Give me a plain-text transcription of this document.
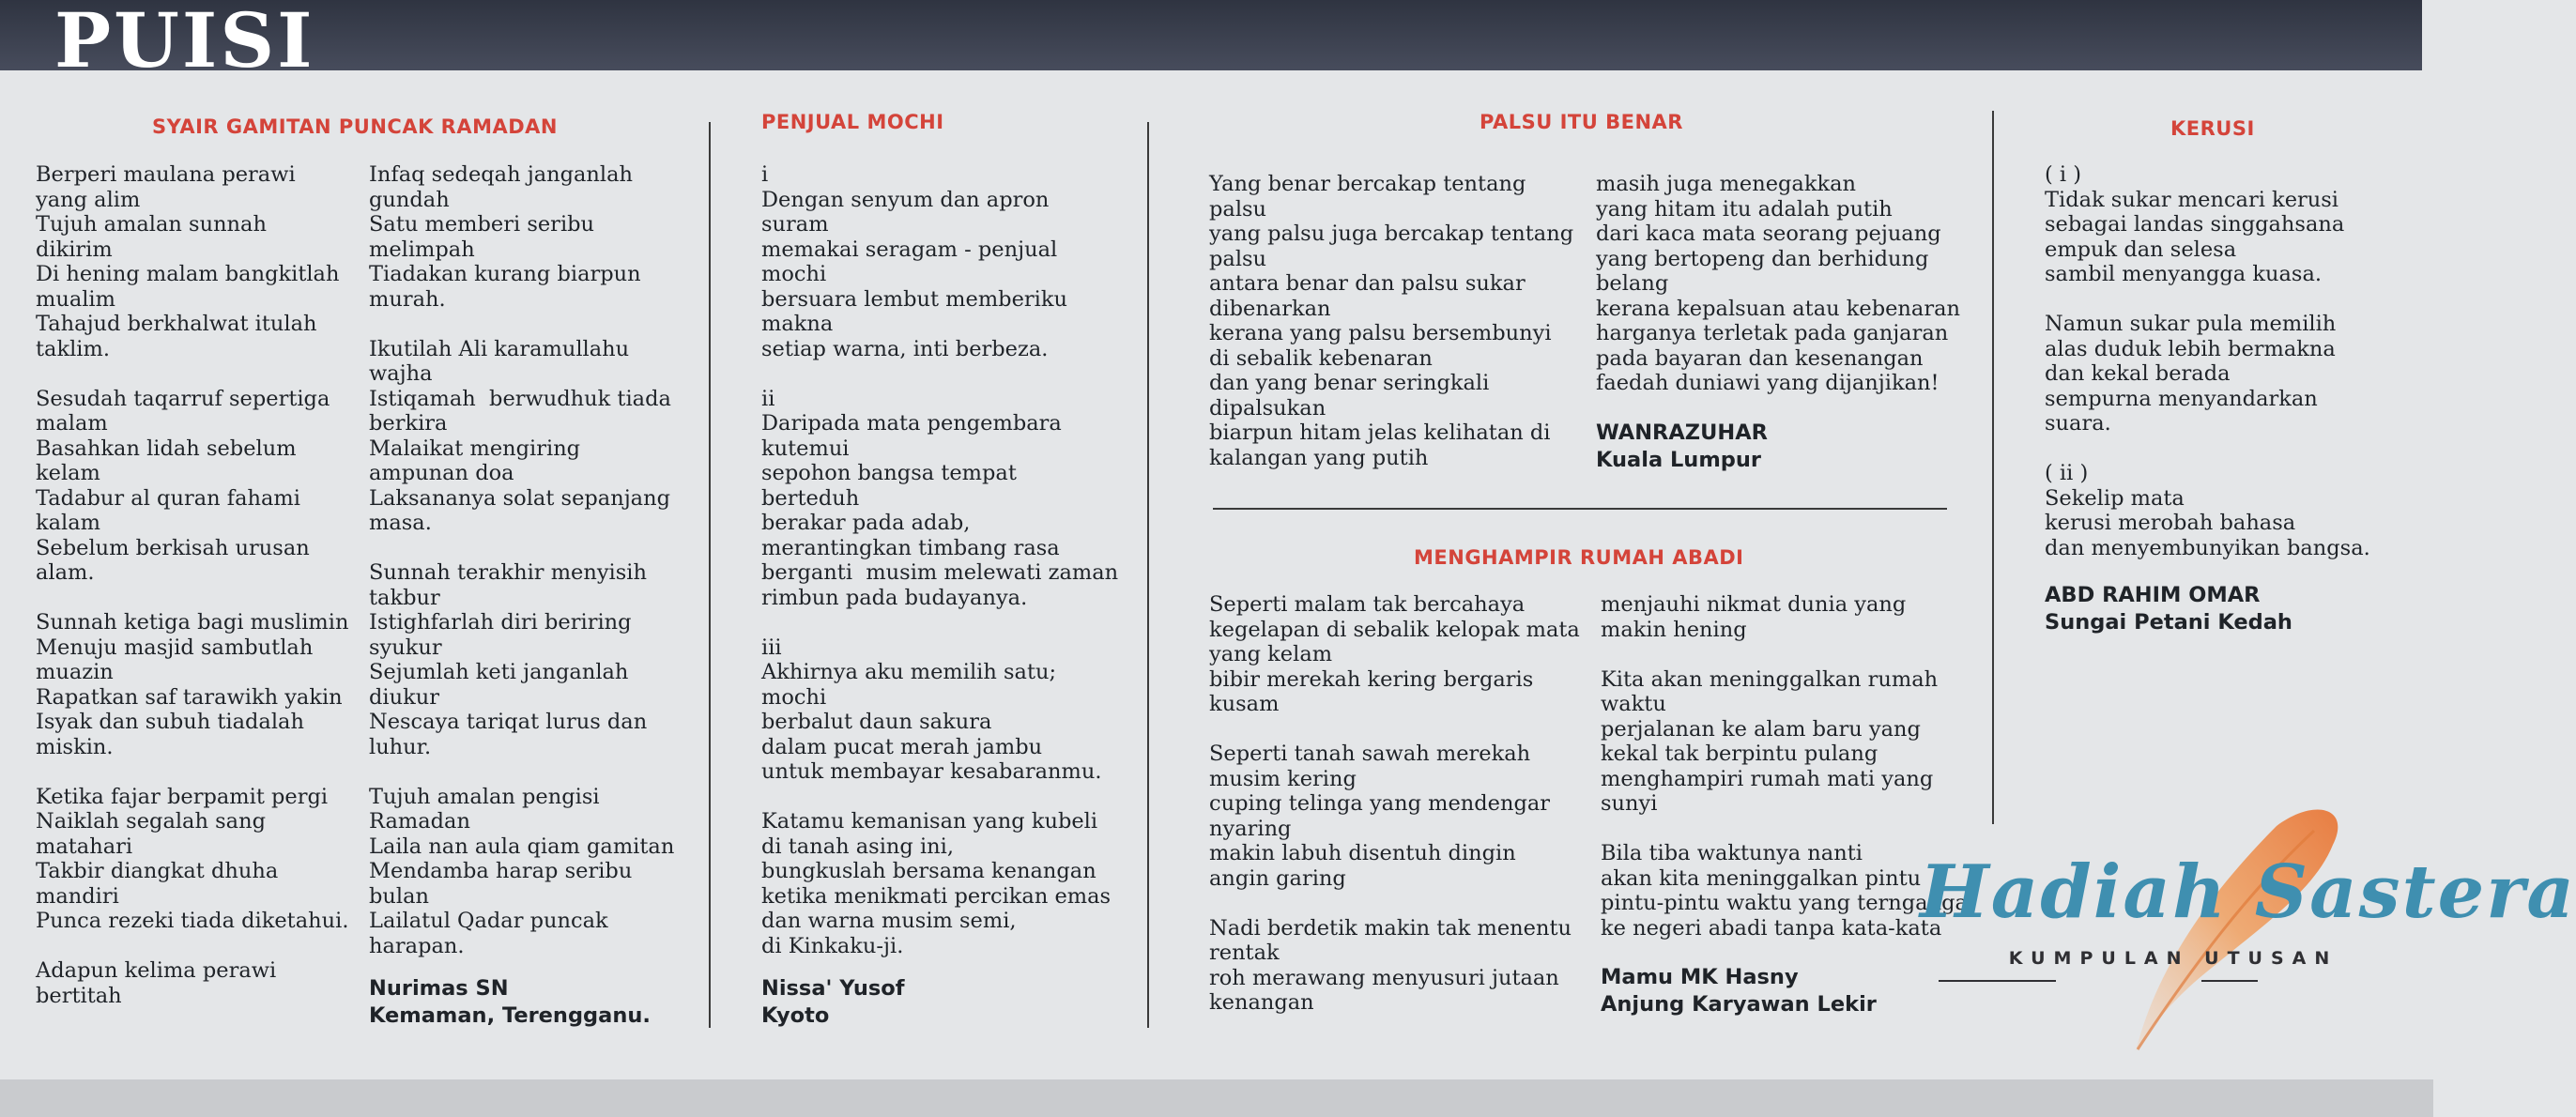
PUISI
SYAIR GAMITAN PUNCAK RAMADAN
Berperi maulana perawi
yang alim
Tujuh amalan sunnah
dikirim
Di hening malam bangkitlah
mualim
Tahajud berkhalwat itulah
taklim.

Sesudah taqarruf sepertiga
malam
Basahkan lidah sebelum
kelam
Tadabur al quran fahami
kalam
Sebelum berkisah urusan
alam.

Sunnah ketiga bagi muslimin
Menuju masjid sambutlah
muazin
Rapatkan saf tarawikh yakin
Isyak dan subuh tiadalah
miskin.

Ketika fajar berpamit pergi
Naiklah segalah sang
matahari
Takbir diangkat dhuha
mandiri
Punca rezeki tiada diketahui.

Adapun kelima perawi
bertitah
Infaq sedeqah janganlah
gundah
Satu memberi seribu
melimpah
Tiadakan kurang biarpun
murah.

Ikutilah Ali karamullahu
wajha
Istiqamah  berwudhuk tiada
berkira
Malaikat mengiring
ampunan doa
Laksananya solat sepanjang
masa.

Sunnah terakhir menyisih
takbur
Istighfarlah diri beriring
syukur
Sejumlah keti janganlah
diukur
Nescaya tariqat lurus dan
luhur.

Tujuh amalan pengisi
Ramadan
Laila nan aula qiam gamitan
Mendamba harap seribu
bulan
Lailatul Qadar puncak
harapan.
Nurimas SN
Kemaman, Terengganu.
PENJUAL MOCHI
i
Dengan senyum dan apron
suram
memakai seragam - penjual
mochi
bersuara lembut memberiku
makna
setiap warna, inti berbeza.

ii
Daripada mata pengembara
kutemui
sepohon bangsa tempat
berteduh
berakar pada adab,
merantingkan timbang rasa
berganti  musim melewati zaman
rimbun pada budayanya.

iii
Akhirnya aku memilih satu;
mochi
berbalut daun sakura
dalam pucat merah jambu
untuk membayar kesabaranmu.

Katamu kemanisan yang kubeli
di tanah asing ini,
bungkuslah bersama kenangan
ketika menikmati percikan emas
dan warna musim semi,
di Kinkaku-ji.
Nissa' Yusof
Kyoto
PALSU ITU BENAR
Yang benar bercakap tentang
palsu
yang palsu juga bercakap tentang
palsu
antara benar dan palsu sukar
dibenarkan
kerana yang palsu bersembunyi
di sebalik kebenaran
dan yang benar seringkali
dipalsukan
biarpun hitam jelas kelihatan di
kalangan yang putih
masih juga menegakkan
yang hitam itu adalah putih
dari kaca mata seorang pejuang
yang bertopeng dan berhidung
belang
kerana kepalsuan atau kebenaran
harganya terletak pada ganjaran
pada bayaran dan kesenangan
faedah duniawi yang dijanjikan!
WANRAZUHAR
Kuala Lumpur
MENGHAMPIR RUMAH ABADI
Seperti malam tak bercahaya
kegelapan di sebalik kelopak mata
yang kelam
bibir merekah kering bergaris
kusam

Seperti tanah sawah merekah
musim kering
cuping telinga yang mendengar
nyaring
makin labuh disentuh dingin
angin garing

Nadi berdetik makin tak menentu
rentak
roh merawang menyusuri jutaan
kenangan
menjauhi nikmat dunia yang
makin hening

Kita akan meninggalkan rumah
waktu
perjalanan ke alam baru yang
kekal tak berpintu pulang
menghampiri rumah mati yang
sunyi

Bila tiba waktunya nanti
akan kita meninggalkan pintu
pintu-pintu waktu yang ternganga
ke negeri abadi tanpa kata-kata
Mamu MK Hasny
Anjung Karyawan Lekir
KERUSI
( i )
Tidak sukar mencari kerusi
sebagai landas singgahsana
empuk dan selesa
sambil menyangga kuasa.

Namun sukar pula memilih
alas duduk lebih bermakna
dan kekal berada
sempurna menyandarkan
suara.

( ii )
Sekelip mata
kerusi merobah bahasa
dan menyembunyikan bangsa.
ABD RAHIM OMAR
Sungai Petani Kedah
Hadiah Sastera
KUMPULAN UTUSAN
